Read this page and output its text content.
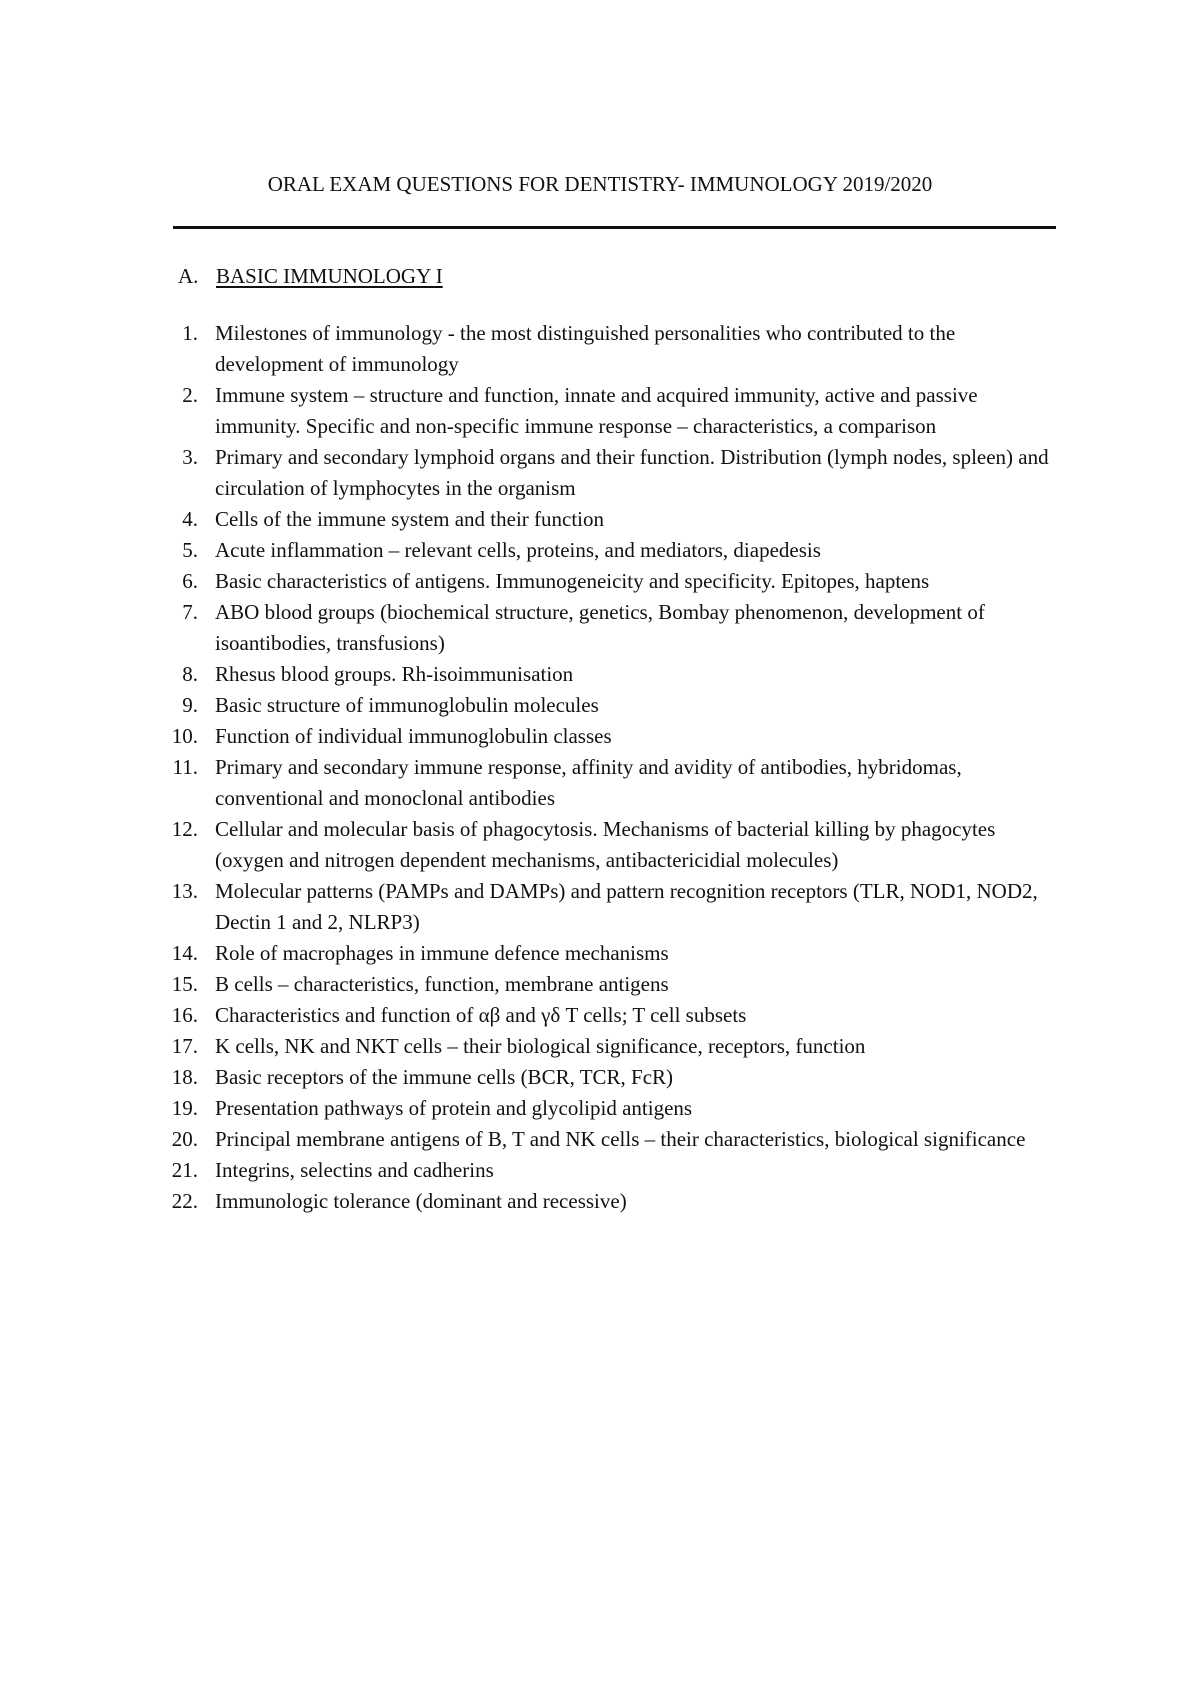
ORAL EXAM QUESTIONS FOR DENTISTRY- IMMUNOLOGY 2019/2020
A. BASIC IMMUNOLOGY I
1. Milestones of immunology - the most distinguished personalities who contributed to the development of immunology
2. Immune system – structure and function, innate and acquired immunity, active and passive immunity. Specific and non-specific immune response – characteristics, a comparison
3. Primary and secondary lymphoid organs and their function. Distribution (lymph nodes, spleen) and circulation of lymphocytes in the organism
4. Cells of the immune system and their function
5. Acute inflammation – relevant cells, proteins, and mediators, diapedesis
6. Basic characteristics of antigens. Immunogeneicity and specificity. Epitopes, haptens
7. ABO blood groups (biochemical structure, genetics, Bombay phenomenon, development of isoantibodies, transfusions)
8. Rhesus blood groups. Rh-isoimmunisation
9. Basic structure of immunoglobulin molecules
10. Function of individual immunoglobulin classes
11. Primary and secondary immune response, affinity and avidity of antibodies, hybridomas, conventional and monoclonal antibodies
12. Cellular and molecular basis of phagocytosis. Mechanisms of bacterial killing by phagocytes (oxygen and nitrogen dependent mechanisms, antibactericidial molecules)
13. Molecular patterns (PAMPs and DAMPs) and pattern recognition receptors (TLR, NOD1, NOD2, Dectin 1 and 2, NLRP3)
14. Role of macrophages in immune defence mechanisms
15. B cells – characteristics, function, membrane antigens
16. Characteristics and function of αβ and γδ T cells; T cell subsets
17. K cells, NK and NKT cells – their biological significance, receptors, function
18. Basic receptors of the immune cells (BCR, TCR, FcR)
19. Presentation pathways of protein and glycolipid antigens
20. Principal membrane antigens of B, T and NK cells – their characteristics, biological significance
21. Integrins, selectins and cadherins
22. Immunologic tolerance (dominant and recessive)
